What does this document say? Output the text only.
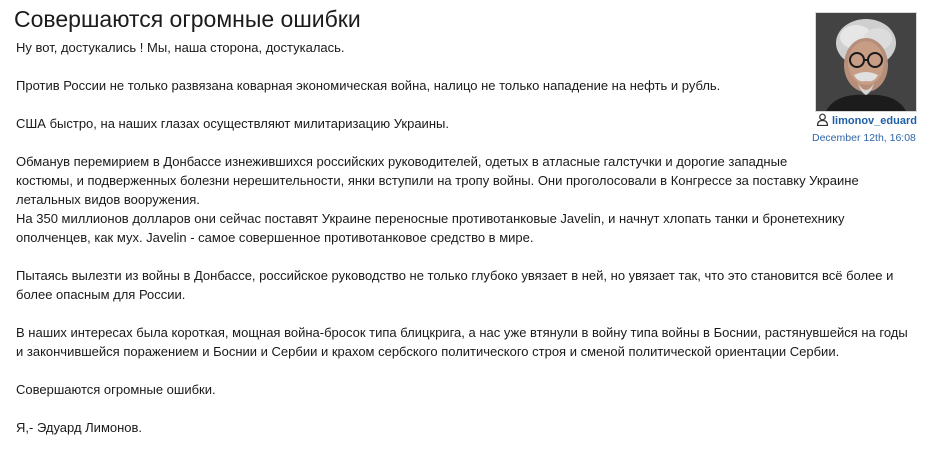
Совершаются огромные ошибки

Ну вот, достукались ! Мы, наша сторона, достукалась.

Против России не только развязана коварная экономическая война, налицо не только нападение на нефть и рубль.

США быстро, на наших глазах осуществляют милитаризацию Украины.

Обманув перемирием в Донбассе изнежившихся российских руководителей, одетых в атласные галстучки и дорогие западные
костюмы, и подверженных болезни нерешительности, янки вступили на тропу войны. Они проголосовали в Конгрессе за поставку Украине
летальных видов вооружения.
На 350 миллионов долларов они сейчас поставят Украине переносные противотанковые Javelin, и начнут хлопать танки и бронетехнику
ополченцев, как мух. Javelin - самое совершенное противотанковое средство в мире.

Пытаясь вылезти из войны в Донбассе, российское руководство не только глубоко увязает в ней, но увязает так, что это становится всё более и
более опасным для России.

В наших интересах была короткая, мощная война-бросок типа блицкрига, а нас уже втянули в войну типа войны в Боснии, растянувшейся на годы
и закончившейся поражением и Боснии и Сербии и крахом сербского политического строя и сменой политической ориентации Сербии.

Совершаются огромные ошибки.

Я,- Эдуард Лимонов.

limonov_eduard
December 12th, 16:08
